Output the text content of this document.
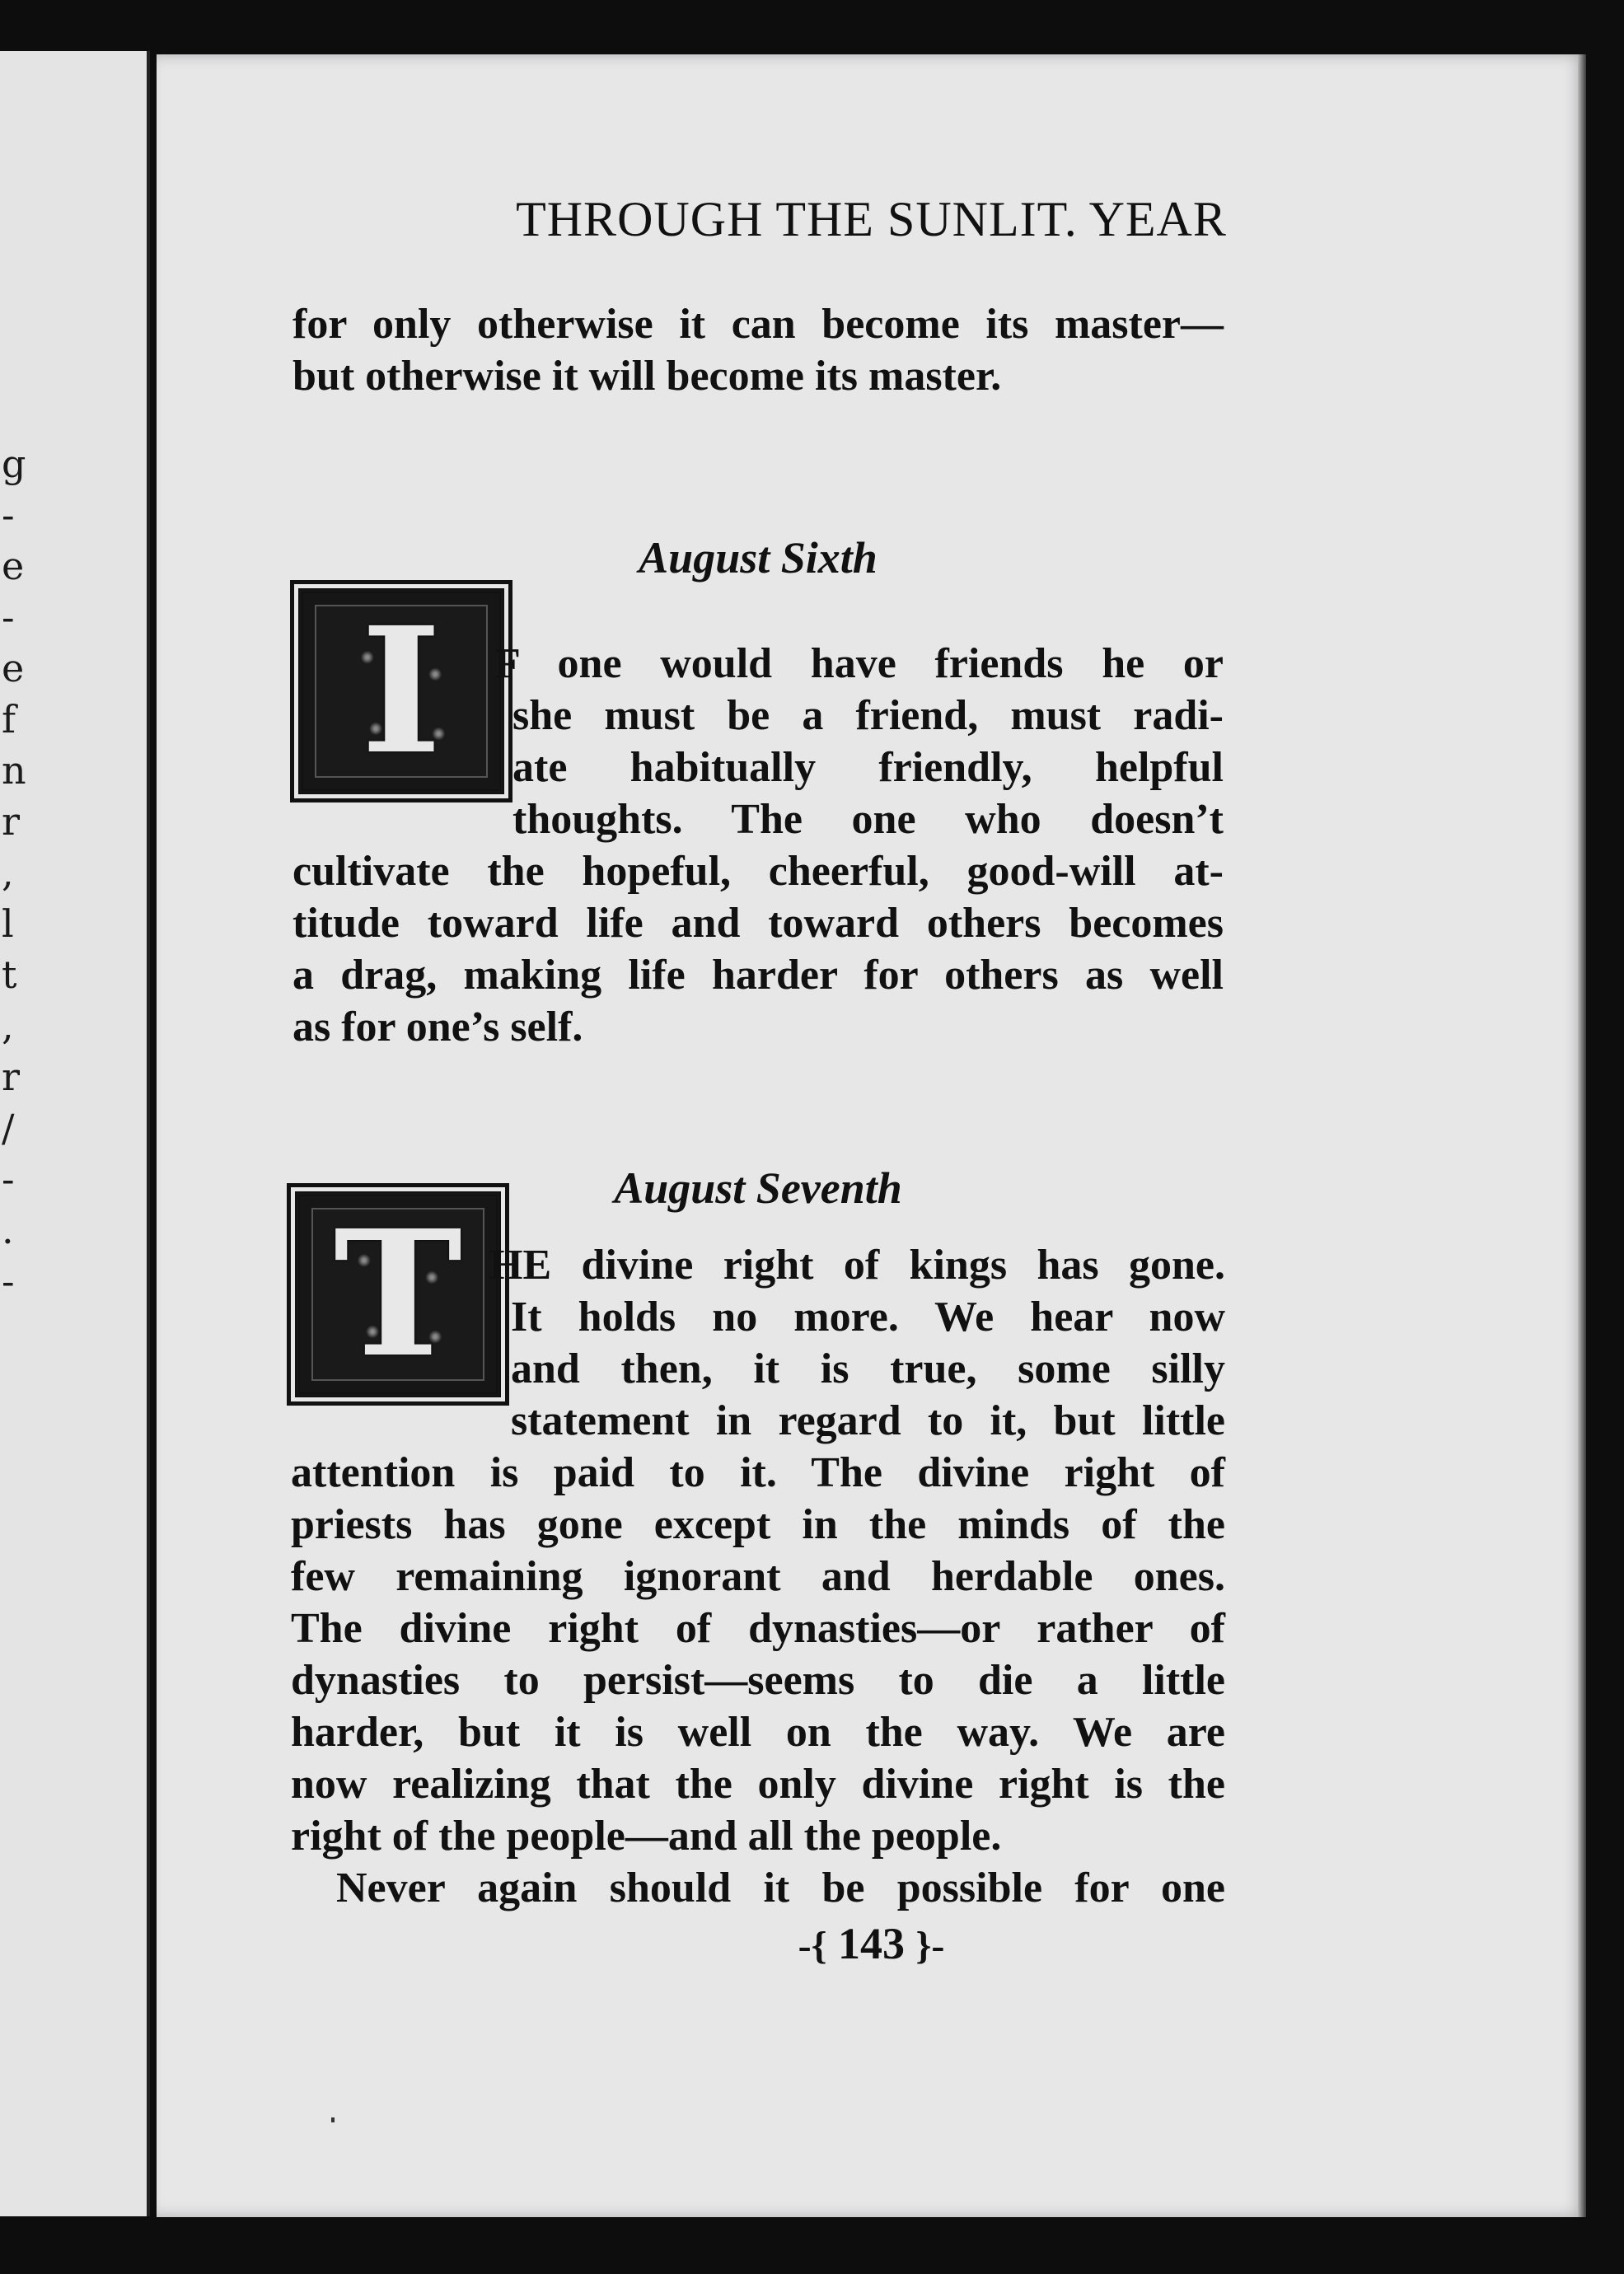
g
-
e
-
e
f
n
r
,
l
t
,
r
/
-
.
-
THROUGH THE SUNLIT. YEAR
for only otherwise it can become its master—
but otherwise it will become its master.
August Sixth
I	F one would have friends he or
she must be a friend, must radi-
ate habitually friendly, helpful
thoughts. The one who doesn’t
cultivate the hopeful, cheerful, good-will at-
titude toward life and toward others becomes
a drag, making life harder for others as well
as for one’s self.
August Seventh
T HE divine right of kings has gone.
It holds no more. We hear now
and then, it is true, some silly
statement in regard to it, but little
attention is paid to it. The divine right of
priests has gone except in the minds of the
few remaining ignorant and herdable ones.
The divine right of dynasties—or rather of
dynasties to persist—seems to die a little
harder, but it is well on the way. We are
now realizing that the only divine right is the
right of the people—and all the people.
Never again should it be possible for one
-{ 143 }-
